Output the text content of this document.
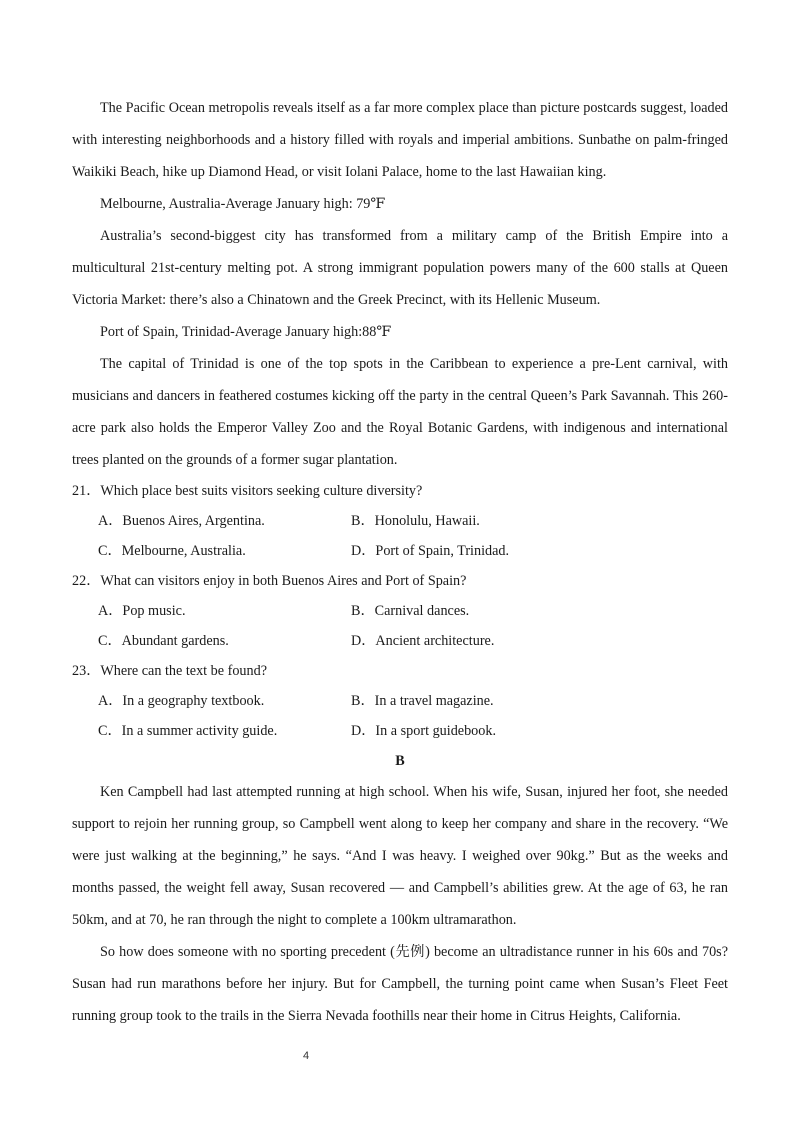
The Pacific Ocean metropolis reveals itself as a far more complex place than picture postcards suggest, loaded with interesting neighborhoods and a history filled with royals and imperial ambitions. Sunbathe on palm-fringed Waikiki Beach, hike up Diamond Head, or visit Iolani Palace, home to the last Hawaiian king.

Melbourne, Australia-Average January high: 79℉

Australia’s second-biggest city has transformed from a military camp of the British Empire into a multicultural 21st-century melting pot. A strong immigrant population powers many of the 600 stalls at Queen Victoria Market: there’s also a Chinatown and the Greek Precinct, with its Hellenic Museum.

Port of Spain, Trinidad-Average January high:88℉

The capital of Trinidad is one of the top spots in the Caribbean to experience a pre-Lent carnival, with musicians and dancers in feathered costumes kicking off the party in the central Queen’s Park Savannah. This 260-acre park also holds the Emperor Valley Zoo and the Royal Botanic Gardens, with indigenous and international trees planted on the grounds of a former sugar plantation.

21．Which place best suits visitors seeking culture diversity?
A．Buenos Aires, Argentina.	B．Honolulu, Hawaii.
C．Melbourne, Australia.	D．Port of Spain, Trinidad.
22．What can visitors enjoy in both Buenos Aires and Port of Spain?
A．Pop music.	B．Carnival dances.
C．Abundant gardens.	D．Ancient architecture.
23．Where can the text be found?
A．In a geography textbook.	B．In a travel magazine.
C．In a summer activity guide.	D．In a sport guidebook.
B

Ken Campbell had last attempted running at high school. When his wife, Susan, injured her foot, she needed support to rejoin her running group, so Campbell went along to keep her company and share in the recovery. “We were just walking at the beginning,” he says. “And I was heavy. I weighed over 90kg.” But as the weeks and months passed, the weight fell away, Susan recovered — and Campbell’s abilities grew. At the age of 63, he ran 50km, and at 70, he ran through the night to complete a 100km ultramarathon.

So how does someone with no sporting precedent (先例) become an ultradistance runner in his 60s and 70s? Susan had run marathons before her injury. But for Campbell, the turning point came when Susan’s Fleet Feet running group took to the trails in the Sierra Nevada foothills near their home in Citrus Heights, California.

4
